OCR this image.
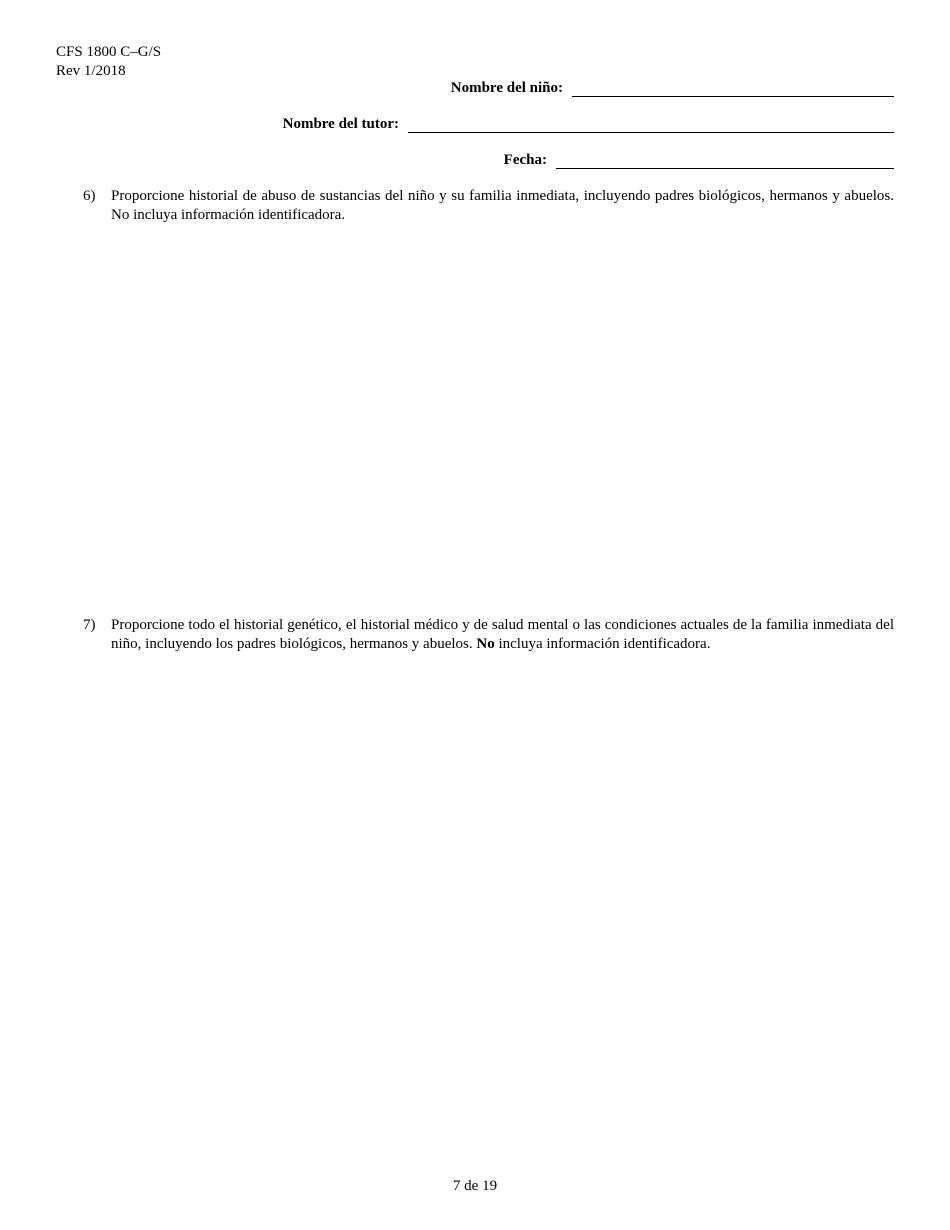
CFS 1800 C–G/S
Rev 1/2018
Nombre del niño:
Nombre del tutor:
Fecha:
6)	Proporcione historial de abuso de sustancias del niño y su familia inmediata, incluyendo padres biológicos, hermanos y abuelos. No incluya información identificadora.
7)	Proporcione todo el historial genético, el historial médico y de salud mental o las condiciones actuales de la familia inmediata del niño, incluyendo los padres biológicos, hermanos y abuelos. No incluya información identificadora.
7 de 19
